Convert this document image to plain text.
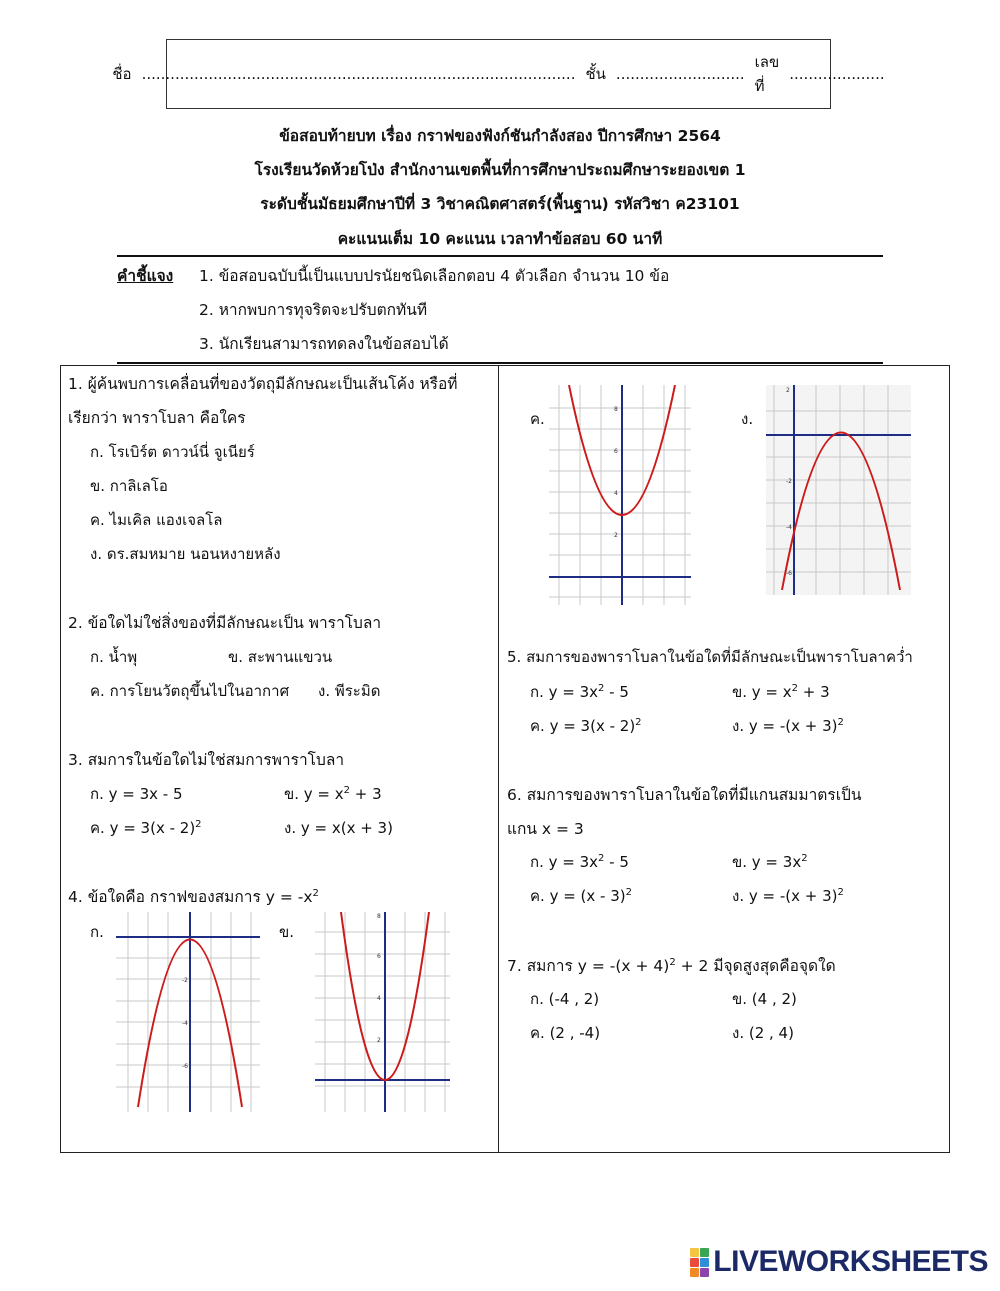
ชื่อ ........................................................................................... ชั้น ...........................
เลขที่
....................
ข้อสอบท้ายบท เรื่อง กราฟของฟังก์ชันกำลังสอง ปีการศึกษา 2564
โรงเรียนวัดห้วยโป่ง สำนักงานเขตพื้นที่การศึกษาประถมศึกษาระยองเขต 1
ระดับชั้นมัธยมศึกษาปีที่ 3 วิชาคณิตศาสตร์(พื้นฐาน) รหัสวิชา ค23101
คะแนนเต็ม 10 คะแนน เวลาทำข้อสอบ 60 นาที
คำชี้แจง 1. ข้อสอบฉบับนี้เป็นแบบปรนัยชนิดเลือกตอบ 4 ตัวเลือก จำนวน 10 ข้อ
2. หากพบการทุจริตจะปรับตกทันที
3. นักเรียนสามารถทดลงในข้อสอบได้
1. ผู้ค้นพบการเคลื่อนที่ของวัตถุมีลักษณะเป็นเส้นโค้ง หรือที่
เรียกว่า พาราโบลา คือใคร
ก. โรเบิร์ต ดาวน์นี่ จูเนียร์
ข. กาลิเลโอ
ค. ไมเคิล แองเจลโล
ง. ดร.สมหมาย นอนหงายหลัง
2. ข้อใดไม่ใช่สิ่งของที่มีลักษณะเป็น พาราโบลา
ก. น้ำพุ	ข. สะพานแขวน
ค. การโยนวัตถุขึ้นไปในอากาศ ง. พีระมิด
3. สมการในข้อใดไม่ใช่สมการพาราโบลา
ก. y = 3x - 5	ข. $y = x^2 + 3$
ค. y = 3(x - 2)$^2$	ง. y = x(x + 3)
4. ข้อใดคือ กราฟของสมการ $y = -x^2$
ก.	ข.
-2
-4
-6
8
6
4
2
ค.	ง.
8
6
4
2
2
-2
-4
-6
5. สมการของพาราโบลาในข้อใดที่มีลักษณะเป็นพาราโบลาคว่ำ
ก. $y = 3x^2 - 5$	ข. $y = x^2 + 3$
ค. y = 3(x - 2)$^2$	ง. $y = -(x + 3)^2$
6. สมการของพาราโบลาในข้อใดที่มีแกนสมมาตรเป็น
แกน x = 3
ก. $y = 3x^2 - 5$	ข. $y = 3x^2$
ค. y = (x - 3)$^2$	ง. $y = -(x + 3)^2$
7. สมการ $y = -(x + 4)^2 + 2$ มีจุดสูงสุดคือจุดใด
ก. (-4 , 2)	ข. (4 , 2)
ค. (2 , -4)	ง. (2 , 4)
LIVEWORKSHEETS
